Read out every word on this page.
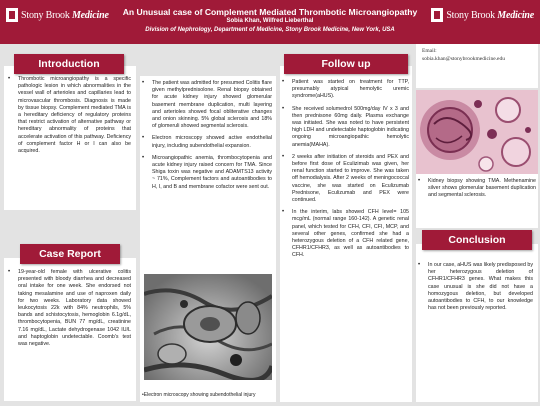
Stony Brook Medicine	An Unusual case of Complement Mediated Thrombotic Microangiopathy
Sobia Khan, Wilfred Lieberthal
Division of Nephrology, Department of Medicine, Stony Brook Medicine, New York, USA
Stony Brook Medicine
• Thrombotic microangiopathy is a specific pathologic lesion in which abnormalities in the vessel wall of arterioles and capillaries lead to microvascular thrombosis. Diagnosis is made by tissue biopsy. Complement mediated TMA is a hereditary deficiency of regulatory proteins that restrict activation of alternative pathway or hereditary abnormality of proteins that accelerate activation of this pathway. Deficiency of complement factor H or I can also be acquired.
Introduction
• 19-year-old female with ulcerative colitis presented with bloody diarrhea and decreased oral intake for one week. She endorsed not taking mesalamine and use of naproxen daily for two weeks. Laboratory data showed leukocytosis 22k with 84% neutrophils, 5% bands and schistocytosis, hemoglobin 6.1g/dL, thrombocytopenia, BUN 77 mg/dL, creatinine 7.16 mg/dL, Lactate dehydrogenase 1042 IU/L and haptoglobin undetectable. Coomb's test was negative.
Case Report
• The patient was admitted for presumed Colitis flare given methylprednisolone. Renal biopsy obtained for acute kidney injury showed glomerular basement membrane duplication, multi layering and arterioles showed focal obliterative changes and onion skinning. 5% global sclerosis and 18% of glomeruli showed segmental sclerosis.
• Electron microscopy showed active endothelial injury, including subendothelial expansion.
• Microangiopathic anemia, thrombocytopenia and acute kidney injury raised concern for TMA. Since Shiga toxin was negative and ADAMTS13 activity ~ 71%, Complement factors and autoantibodies to H, I, and B and membrane cofactor were sent out.
•Electron microscopy showing subendothelial injury
• Patient was started on treatment for TTP, presumably atypical hemolytic uremic syndrome(aHUS).
• She received solumedrol 500mg/day IV x 3 and then prednisone 60mg daily. Plasma exchange was initiated. She was noted to have persistent high LDH and undetectable haptoglobin indicating ongoing microangiopathic hemolytic anemia(MAHA).
• 2 weeks after initiation of steroids and PEX and before first dose of Eculizimab was given, her renal function started to improve. She was taken off hemodialysis. After 2 weeks of meningococcal vaccine, she was started on Eculizumab Prednisone, Eculizumab and PEX were continued.
• In the interim, labs showed CFH level= 105 mcg/mL (normal range 160-142). A genetic renal panel, which tested for CFH, CFI, CFI, MCP, and several other genes, confirmed she had a heterozygous deletion of a CFH related gene, CFHR1/CFHR3, as well as autoantibodies to CFH.
Follow up
Email:
sobia.khan@stonybrookmedicine.edu
• Kidney biopsy showing TMA. Methenamine silver shows glomerular basement duplication and segmental sclerosis.
• In our case, aHUS was likely predisposed by her heterozygous deletion of CFHR1/CFHR3 genes. What makes this case unusual is she did not have a homozygous deletion, but developed autoantibodies to CFH, to our knowledge has not been previously reported.
Conclusion
